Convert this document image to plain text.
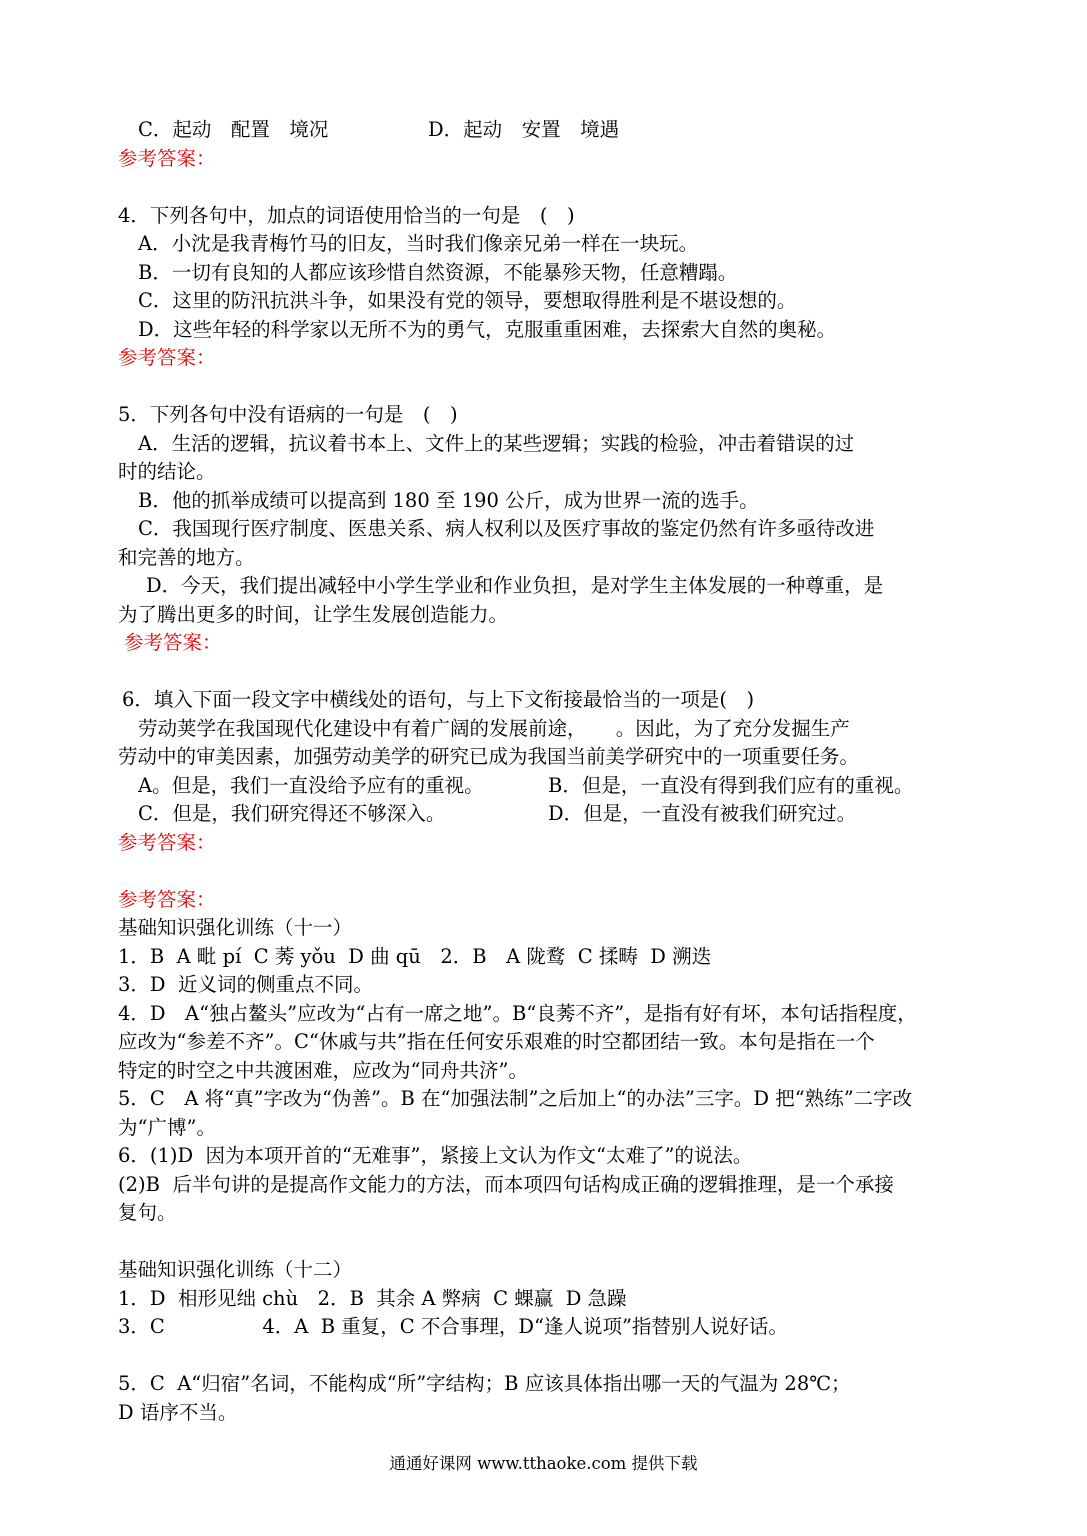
C．起动　配置　境况	D．起动　安置　境遇
参考答案：
4．下列各句中，加点的词语使用恰当的一句是　(　)
A．小沈是我青梅竹马的旧友，当时我们像亲兄弟一样在一块玩。
B．一切有良知的人都应该珍惜自然资源，不能暴殄天物，任意糟蹋。
C．这里的防汛抗洪斗争，如果没有党的领导，要想取得胜利是不堪设想的。
D．这些年轻的科学家以无所不为的勇气，克服重重困难，去探索大自然的奥秘。
参考答案：
5．下列各句中没有语病的一句是　(　)
A．生活的逻辑，抗议着书本上、文件上的某些逻辑；实践的检验，冲击着错误的过
时的结论。
B．他的抓举成绩可以提高到 180 至 190 公斤，成为世界一流的选手。
C．我国现行医疗制度、医患关系、病人权利以及医疗事故的鉴定仍然有许多亟待改进
和完善的地方。
D．今天，我们提出减轻中小学生学业和作业负担，是对学生主体发展的一种尊重，是
为了腾出更多的时间，让学生发展创造能力。
参考答案：
6．填入下面一段文字中横线处的语句，与上下文衔接最恰当的一项是(　)
劳动荚学在我国现代化建设中有着广阔的发展前途，　　。因此，为了充分发掘生产
劳动中的审美因素，加强劳动美学的研究已成为我国当前美学研究中的一项重要任务。
A。但是，我们一直没给予应有的重视。	B．但是，一直没有得到我们应有的重视。
C．但是，我们研究得还不够深入。	D．但是，一直没有被我们研究过。
参考答案：
参考答案：
基础知识强化训练（十一）
1．B  A 毗 pí  C 莠 yǒu  D 曲 qū　2．B　A 陇鹜  C 揉畴  D 溯迭
3．D  近义词的侧重点不同。
4．D　A“独占鳌头”应改为“占有一席之地”。B“良莠不齐”，是指有好有坏，本句话指程度，
应改为“参差不齐”。C“休戚与共”指在任何安乐艰难的时空都团结一致。本句是指在一个
特定的时空之中共渡困难，应改为“同舟共济”。
5．C　A 将“真”字改为“伪善”。B 在“加强法制”之后加上“的办法”三字。D 把“熟练”二字改
为“广博”。
6．(1)D  因为本项开首的“无难事”，紧接上文认为作文“太难了”的说法。
(2)B  后半句讲的是提高作文能力的方法，而本项四句话构成正确的逻辑推理，是一个承接
复句。
基础知识强化训练（十二）
1．D  相形见绌 chù　2．B  其余 A 弊病  C 蜾赢  D 急躁
3．C　　　　　4．A  B 重复，C 不合事理，D“逢人说项”指替别人说好话。
5．C  A“归宿”名词，不能构成“所”字结构；B 应该具体指出哪一天的气温为 28℃；
D 语序不当。
通通好课网 www.tthaoke.com 提供下载
